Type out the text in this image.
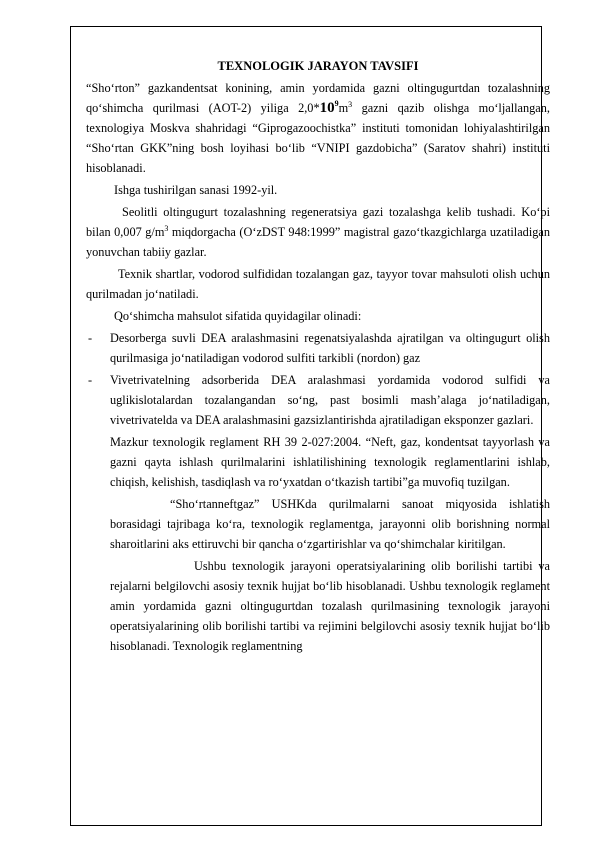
TEXNOLOGIK JARAYON TAVSIFI

“Sho‘rton” gazkandentsat konining, amin yordamida gazni oltingugurtdan tozalashning qo‘shimcha qurilmasi (AOT-2) yiliga $2,0*10^9m^3$ gazni qazib olishga mo‘ljallangan, texnologiya Moskva shahridagi “Giprogazoochistka” instituti tomonidan lohiyalashtirilgan “Sho‘rtan GKK”ning bosh loyihasi bo‘lib “VNIPI gazdobicha” (Saratov shahri) instituti hisoblanadi.

Ishga tushirilgan sanasi 1992-yil.

Seolitli oltingugurt tozalashning regeneratsiya gazi tozalashga kelib tushadi. Ko‘pi bilan 0,007 $g/m^3$ miqdorgacha (O‘zDST 948:1999” magistral gazo‘tkazgichlarga uzatiladigan yonuvchan tabiiy gazlar.

Texnik shartlar, vodorod sulfididan tozalangan gaz, tayyor tovar mahsuloti olish uchun qurilmadan jo‘natiladi.

Qo‘shimcha mahsulot sifatida quyidagilar olinadi:

- Desorberga suvli DEA aralashmasini regenatsiyalashda ajratilgan va oltingugurt olish qurilmasiga jo‘natiladigan vodorod sulfiti tarkibli (nordon) gaz

- Vivetrivatelning adsorberida DEA aralashmasi yordamida vodorod sulfidi va uglikislotalardan tozalangandan so‘ng, past bosimli mash’alaga jo‘natiladigan, vivetrivatelda va DEA aralashmasini gazsizlantirishda ajratiladigan eksponzer gazlari.

Mazkur texnologik reglament RH 39 2-027:2004. “Neft, gaz, kondentsat tayyorlash va gazni qayta ishlash qurilmalarini ishlatilishining texnologik reglamentlarini ishlab, chiqish, kelishish, tasdiqlash va ro‘yxatdan o‘tkazish tartibi”ga muvofiq tuzilgan.

“Sho‘rtanneftgaz” USHKda qurilmalarni sanoat miqyosida ishlatish borasidagi tajribaga ko‘ra, texnologik reglamentga, jarayonni olib borishning normal sharoitlarini aks ettiruvchi bir qancha o‘zgartirishlar va qo‘shimchalar kiritilgan.

Ushbu texnologik jarayoni operatsiyalarining olib borilishi tartibi va rejalarni belgilovchi asosiy texnik hujjat bo‘lib hisoblanadi. Ushbu texnologik reglament amin yordamida gazni oltingugurtdan tozalash qurilmasining texnologik jarayoni operatsiyalarining olib borilishi tartibi va rejimini belgilovchi asosiy texnik hujjat bo‘lib hisoblanadi. Texnologik reglamentning
